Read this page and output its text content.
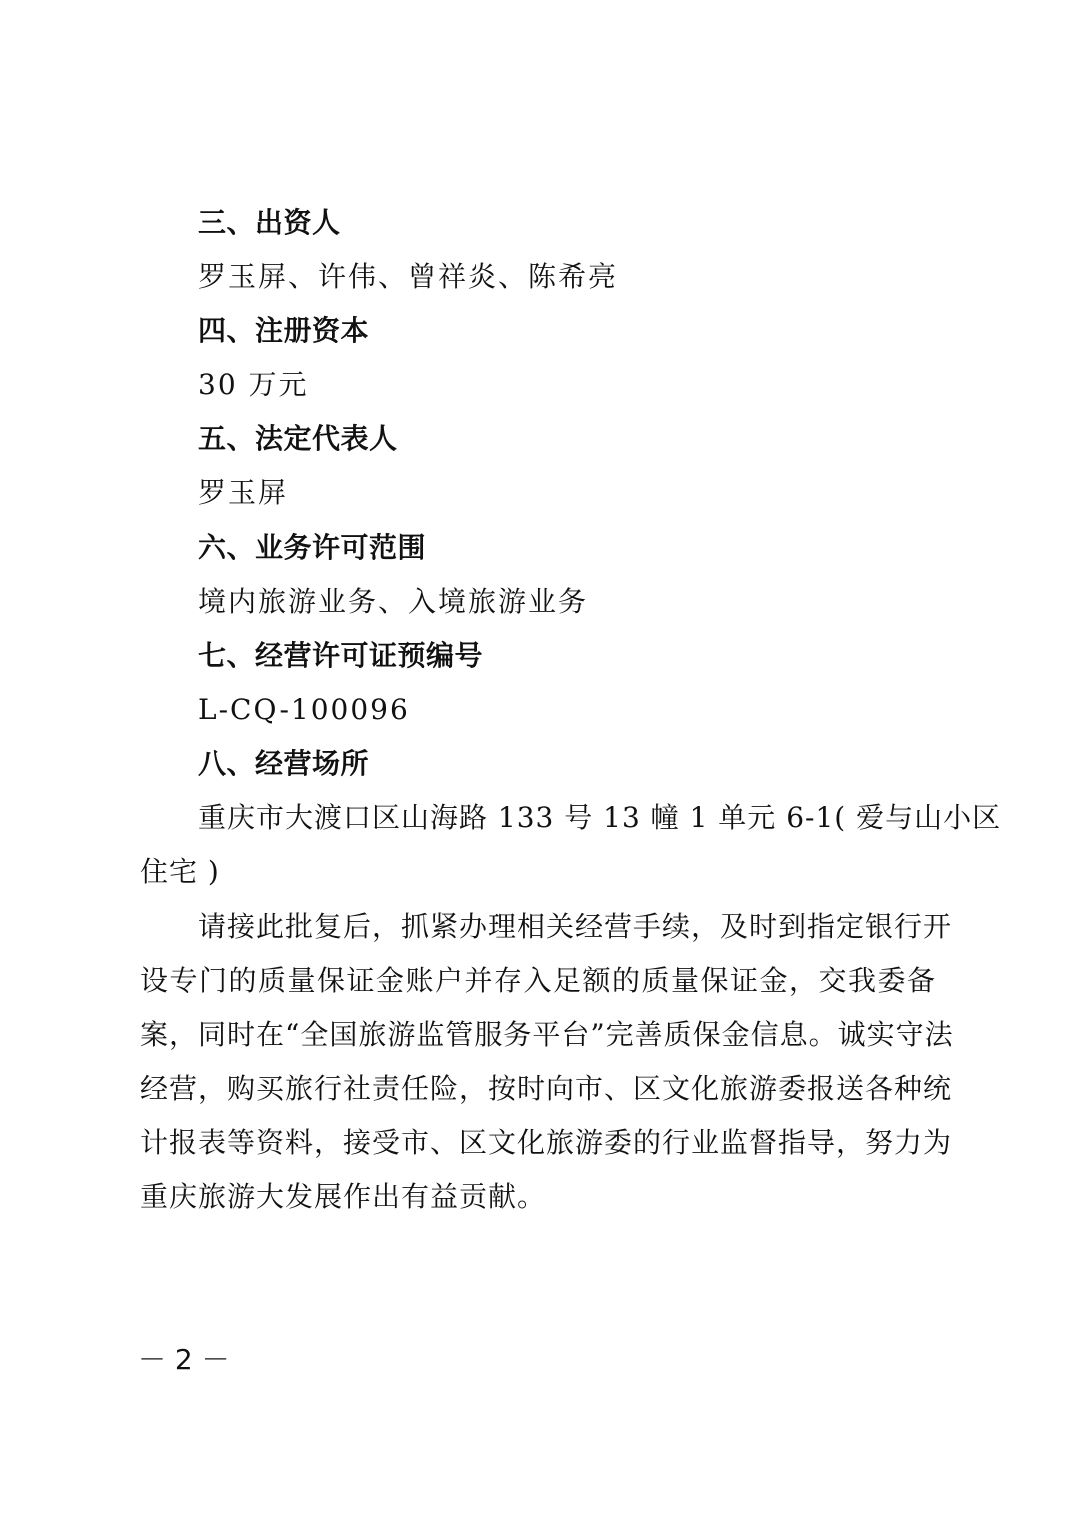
三、出资人
罗玉屏、许伟、曾祥炎、陈希亮
四、注册资本
30 万元
五、法定代表人
罗玉屏
六、业务许可范围
境内旅游业务、入境旅游业务
七、经营许可证预编号
L-CQ-100096
八、经营场所
重庆市大渡口区山海路 133 号 13 幢 1 单元 6-1( 爱与山小区
住宅 )
请接此批复后，抓紧办理相关经营手续，及时到指定银行开
设专门的质量保证金账户并存入足额的质量保证金，交我委备
案，同时在“全国旅游监管服务平台”完善质保金信息。诚实守法
经营，购买旅行社责任险，按时向市、区文化旅游委报送各种统
计报表等资料，接受市、区文化旅游委的行业监督指导，努力为
重庆旅游大发展作出有益贡献。
－ 2 －
